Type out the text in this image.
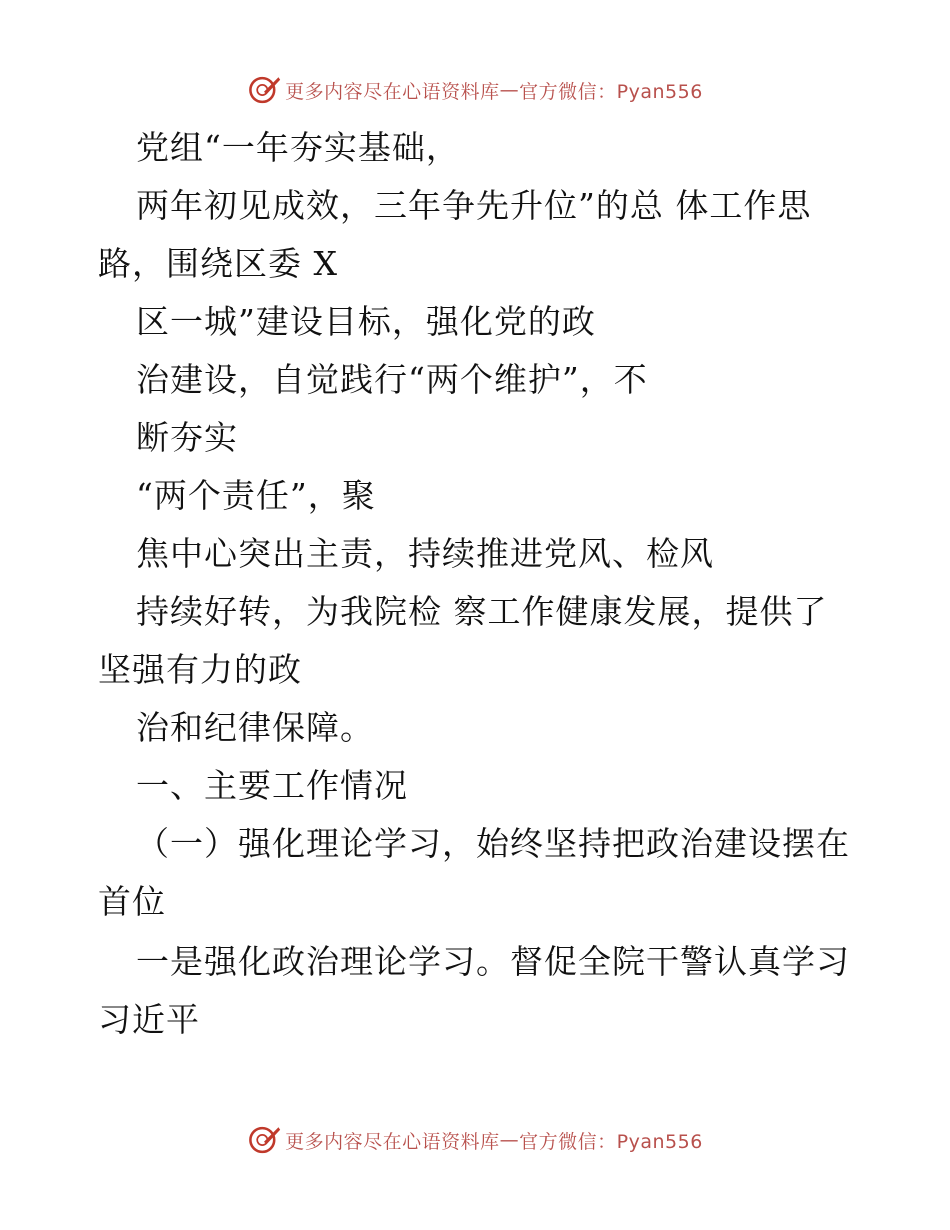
更多内容尽在心语资料库 — 官方微信：Pyan556
党组“一年夯实基础，
两年初见成效，三年争先升位”的总 体工作思
路，围绕区委 X
区一城”建设目标，强化党的政
治建设，自觉践行“两个维护”，不
断夯实
“两个责任”，聚
焦中心突出主责，持续推进党风、检风
持续好转，为我院检 察工作健康发展，提供了
坚强有力的政
治和纪律保障。
一、主要工作情况
（一）强化理论学习，始终坚持把政治建设摆在
首位
一是强化政治理论学习。督促全院干警认真学习
习近平
更多内容尽在心语资料库 — 官方微信：Pyan556
